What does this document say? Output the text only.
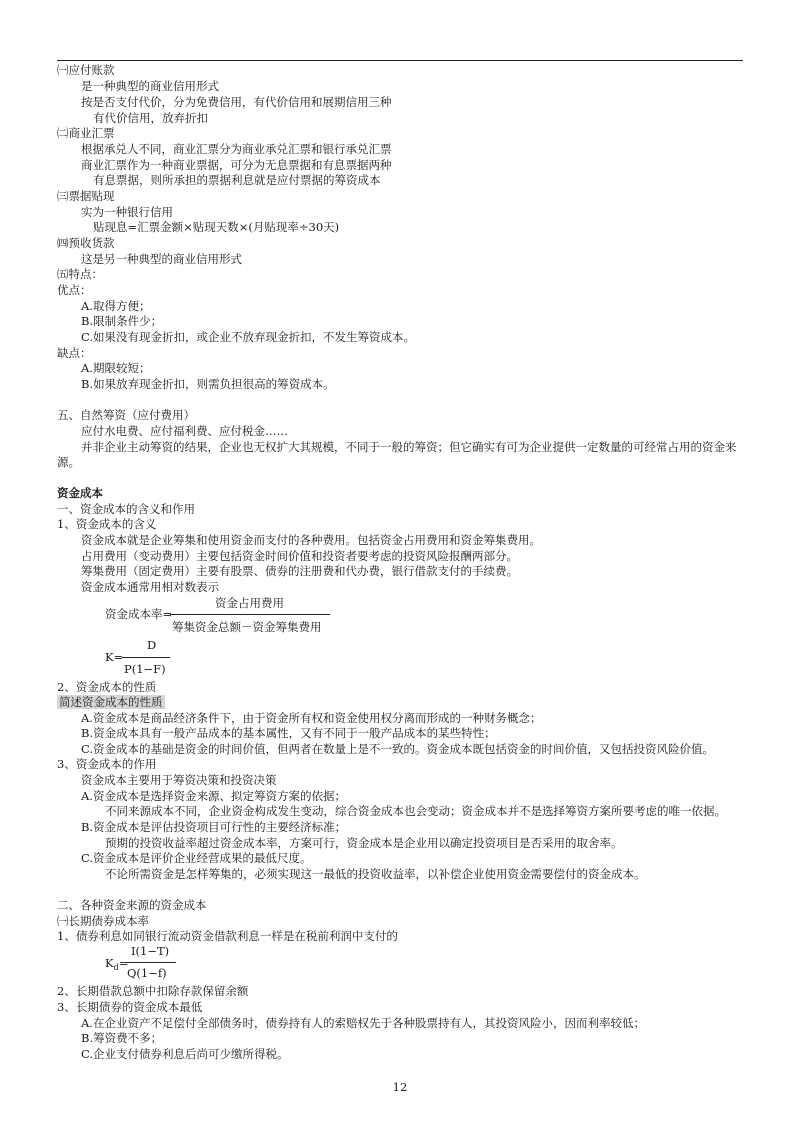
㈠应付账款
是一种典型的商业信用形式
按是否支付代价，分为免费信用，有代价信用和展期信用三种
有代价信用，放弃折扣
㈡商业汇票
根据承兑人不同，商业汇票分为商业承兑汇票和银行承兑汇票
商业汇票作为一种商业票据，可分为无息票据和有息票据两种
有息票据，则所承担的票据利息就是应付票据的筹资成本
㈢票据贴现
实为一种银行信用
贴现息=汇票金额×贴现天数×(月贴现率÷30天)
㈣预收货款
这是另一种典型的商业信用形式
㈤特点：
优点：
A.取得方便；
B.限制条件少；
C.如果没有现金折扣，或企业不放弃现金折扣，不发生筹资成本。
缺点：
A.期限较短；
B.如果放弃现金折扣，则需负担很高的筹资成本。
五、自然筹资（应付费用）
应付水电费、应付福利费、应付税金……
并非企业主动筹资的结果，企业也无权扩大其规模，不同于一般的筹资；但它确实有可为企业提供一定数量的可经常占用的资金来源。
资金成本
一、资金成本的含义和作用
1、资金成本的含义
资金成本就是企业筹集和使用资金而支付的各种费用。包括资金占用费用和资金筹集费用。
占用费用（变动费用）主要包括资金时间价值和投资者要考虑的投资风险报酬两部分。
筹集费用（固定费用）主要有股票、债券的注册费和代办费，银行借款支付的手续费。
资金成本通常用相对数表示
资金占用费用
资金成本率=
筹集资金总额－资金筹集费用
D
K=
P(1−F)
2、资金成本的性质
简述资金成本的性质
A.资金成本是商品经济条件下，由于资金所有权和资金使用权分离而形成的一种财务概念；
B.资金成本具有一般产品成本的基本属性，又有不同于一般产品成本的某些特性；
C.资金成本的基础是资金的时间价值，但两者在数量上是不一致的。资金成本既包括资金的时间价值，又包括投资风险价值。
3、资金成本的作用
资金成本主要用于筹资决策和投资决策
A.资金成本是选择资金来源、拟定筹资方案的依据；
不同来源成本不同，企业资金构成发生变动，综合资金成本也会变动；资金成本并不是选择筹资方案所要考虑的唯一依据。
B.资金成本是评估投资项目可行性的主要经济标准；
预期的投资收益率超过资金成本率，方案可行，资金成本是企业用以确定投资项目是否采用的取舍率。
C.资金成本是评价企业经营成果的最低尺度。
不论所需资金是怎样筹集的，必须实现这一最低的投资收益率，以补偿企业使用资金需要偿付的资金成本。
二、各种资金来源的资金成本
㈠长期债券成本率
1、债券利息如同银行流动资金借款利息一样是在税前利润中支付的
I(1−T)
$K_d=$
Q(1−f)
2、长期借款总额中扣除存款保留余额
3、长期债券的资金成本最低
A.在企业资产不足偿付全部债务时，债券持有人的索赔权先于各种股票持有人，其投资风险小，因而利率较低；
B.筹资费不多；
C.企业支付债券利息后尚可少缴所得税。
12
